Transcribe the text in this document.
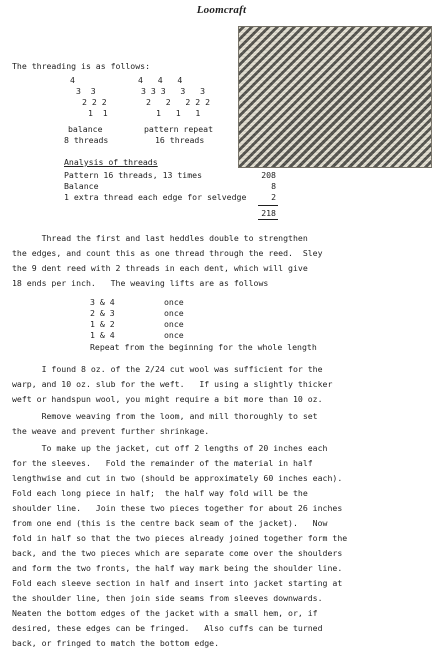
Loomcraft
The threading is as follows:
4
3  3
2 2 2
1  1
balance
8 threads
4   4   4
3 3 3   3   3
2   2   2 2 2
1   1   1
pattern repeat
16 threads
Analysis of threads
Pattern 16 threads, 13 times	208
Balance	8
1 extra thread each edge for selvedge	2
218
Thread the first and last heddles double to strengthen
the edges, and count this as one thread through the reed.  Sley
the 9 dent reed with 2 threads in each dent, which will give
18 ends per inch.   The weaving lifts are as follows
3 & 4	once
2 & 3	once
1 & 2	once
1 & 4	once
Repeat from the beginning for the whole length
I found 8 oz. of the 2/24 cut wool was sufficient for the
warp, and 10 oz. slub for the weft.   If using a slightly thicker
weft or handspun wool, you might require a bit more than 10 oz.
Remove weaving from the loom, and mill thoroughly to set
the weave and prevent further shrinkage.
To make up the jacket, cut off 2 lengths of 20 inches each
for the sleeves.   Fold the remainder of the material in half
lengthwise and cut in two (should be approximately 60 inches each).
Fold each long piece in half;  the half way fold will be the
shoulder line.   Join these two pieces together for about 26 inches
from one end (this is the centre back seam of the jacket).   Now
fold in half so that the two pieces already joined together form the
back, and the two pieces which are separate come over the shoulders
and form the two fronts, the half way mark being the shoulder line.
Fold each sleeve section in half and insert into jacket starting at
the shoulder line, then join side seams from sleeves downwards.
Neaten the bottom edges of the jacket with a small hem, or, if
desired, these edges can be fringed.   Also cuffs can be turned
back, or fringed to match the bottom edge.
